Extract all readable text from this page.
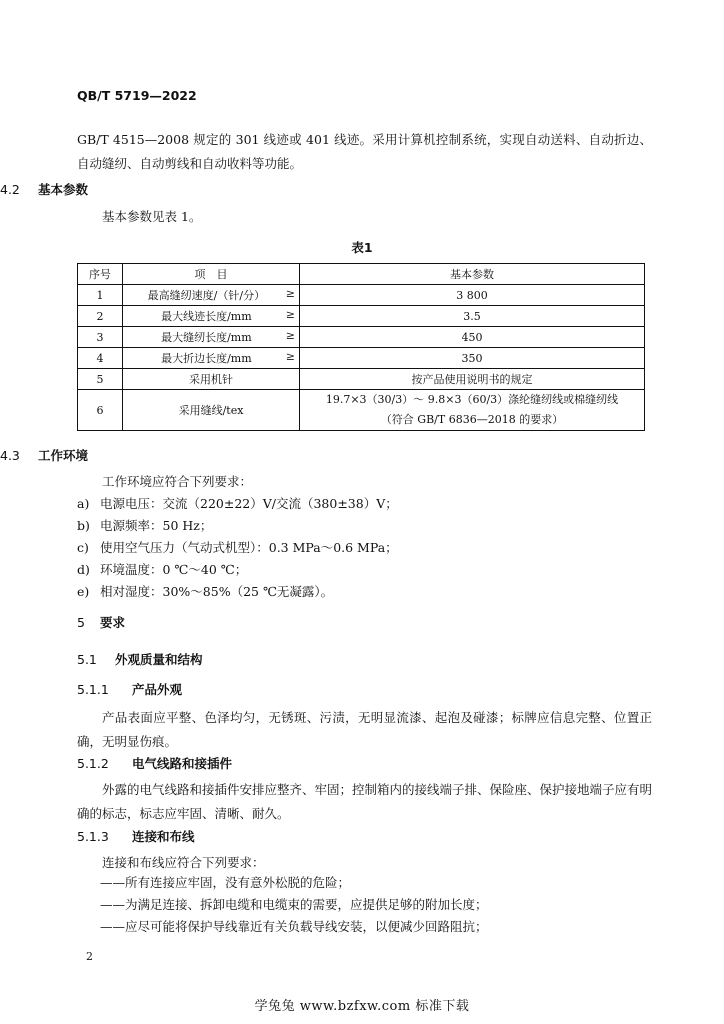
QB/T 5719—2022
GB/T 4515—2008 规定的 301 线迹或 401 线迹。采用计算机控制系统，实现自动送料、自动折边、自动缝纫、自动剪线和自动收料等功能。
4.2 基本参数
基本参数见表 1。
表1
序号	项　目	基本参数
1	最高缝纫速度/（针/分） ≥	3 800
2	最大线迹长度/mm ≥	3.5
3	最大缝纫长度/mm ≥	450
4	最大折边长度/mm ≥	350
5	采用机针	按产品使用说明书的规定
6	采用缝线/tex	19.7×3（30/3）～ 9.8×3（60/3）涤纶缝纫线或棉缝纫线
（符合 GB/T 6836—2018 的要求）
4.3 工作环境
工作环境应符合下列要求：
a) 电源电压：交流（220±22）V/交流（380±38）V；
b) 电源频率：50 Hz；
c) 使用空气压力（气动式机型）：0.3 MPa～0.6 MPa；
d) 环境温度：0 ℃～40 ℃；
e) 相对湿度：30%～85%（25 ℃无凝露）。
5 要求
5.1 外观质量和结构
5.1.1 产品外观
产品表面应平整、色泽均匀，无锈斑、污渍，无明显流漆、起泡及碰漆；标牌应信息完整、位置正确，无明显伤痕。
5.1.2 电气线路和接插件
外露的电气线路和接插件安排应整齐、牢固；控制箱内的接线端子排、保险座、保护接地端子应有明确的标志，标志应牢固、清晰、耐久。
5.1.3 连接和布线
连接和布线应符合下列要求：
——所有连接应牢固，没有意外松脱的危险；
——为满足连接、拆卸电缆和电缆束的需要，应提供足够的附加长度；
——应尽可能将保护导线靠近有关负载导线安装，以便减少回路阻抗；
2
学兔兔 www.bzfxw.com 标准下载
